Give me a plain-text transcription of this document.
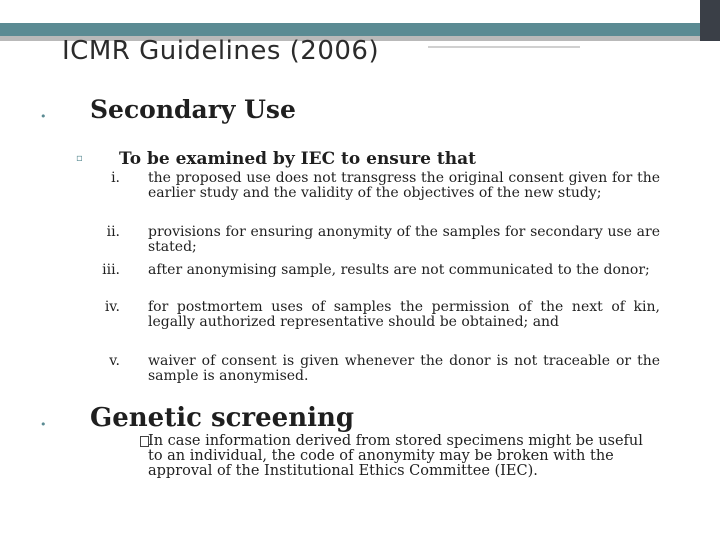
ICMR Guidelines (2006)
• Secondary Use
▫ To be examined by IEC to ensure that
i. the proposed use does not transgress the original consent given for the earlier study and the validity of the objectives of the new study;
ii. provisions for ensuring anonymity of the samples for secondary use are stated;
iii. after anonymising sample, results are not communicated to the donor;
iv. for postmortem uses of samples the permission of the next of kin, legally authorized representative should be obtained; and
v. waiver of consent is given whenever the donor is not traceable or the sample is anonymised.
• Genetic screening
In case information derived from stored specimens might be useful to an individual, the code of anonymity may be broken with the approval of the Institutional Ethics Committee (IEC).
